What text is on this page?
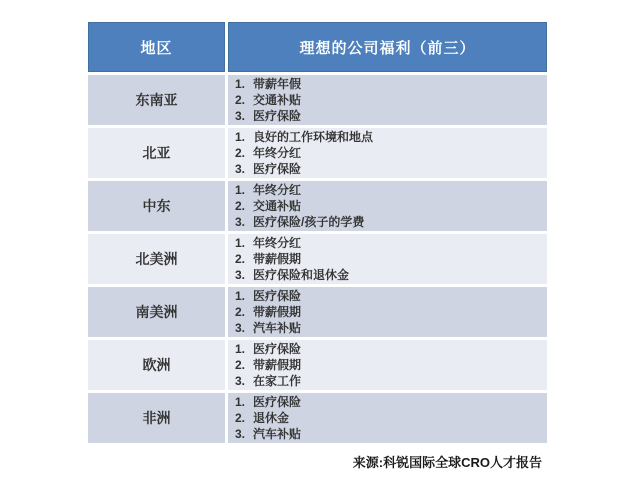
地区	理想的公司福利（前三）
东南亚
1. 带薪年假
2. 交通补贴
3. 医疗保险
北亚
1. 良好的工作环境和地点
2. 年终分红
3. 医疗保险
中东
1. 年终分红
2. 交通补贴
3. 医疗保险/孩子的学费
北美洲
1. 年终分红
2. 带薪假期
3. 医疗保险和退休金
南美洲
1. 医疗保险
2. 带薪假期
3. 汽车补贴
欧洲
1. 医疗保险
2. 带薪假期
3. 在家工作
非洲
1. 医疗保险
2. 退休金
3. 汽车补贴
来源:科锐国际全球CRO人才报告
